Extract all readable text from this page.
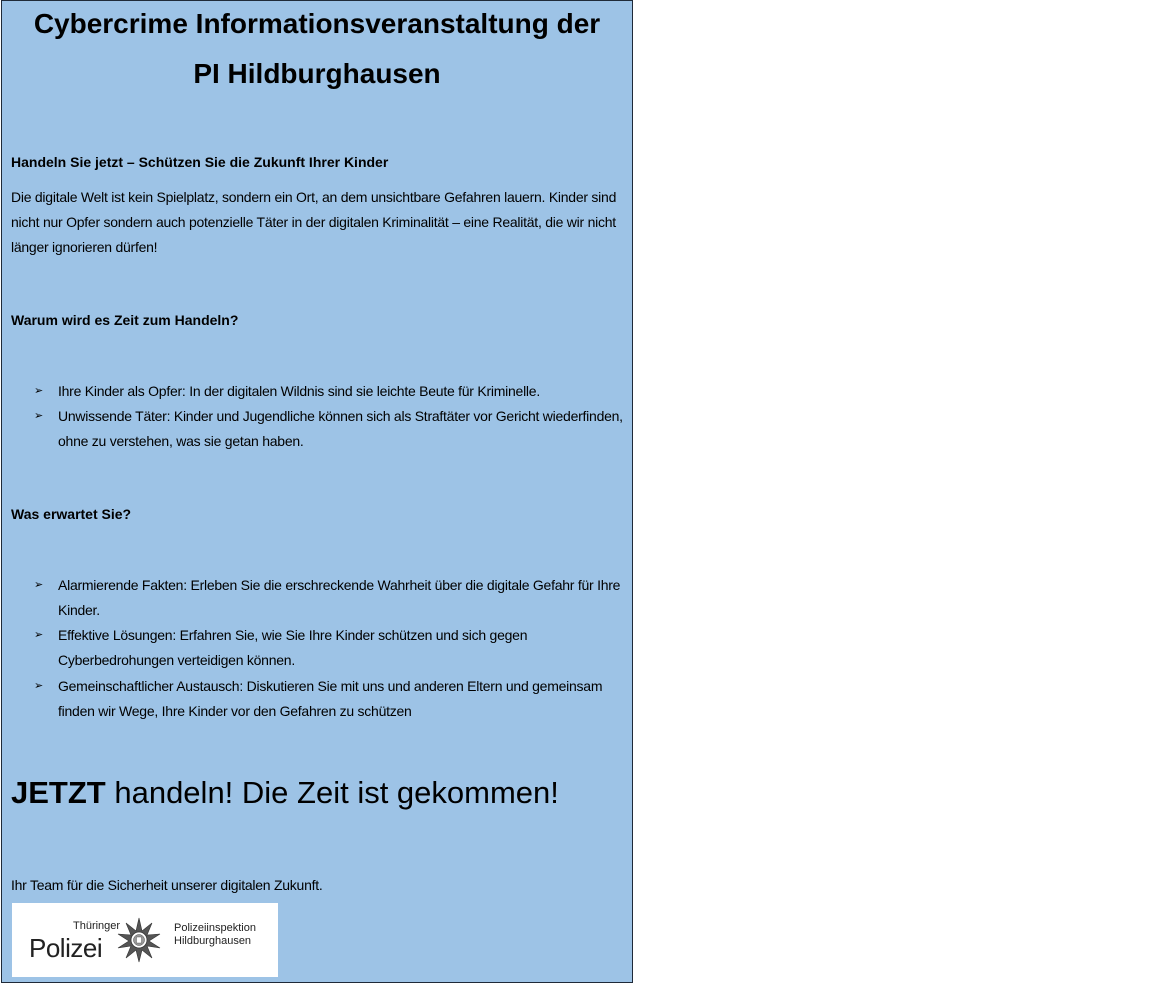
Cybercrime Informationsveranstaltung der
PI Hildburghausen
Handeln Sie jetzt – Schützen Sie die Zukunft Ihrer Kinder
Die digitale Welt ist kein Spielplatz, sondern ein Ort, an dem unsichtbare Gefahren lauern. Kinder sind nicht nur Opfer sondern auch potenzielle Täter in der digitalen Kriminalität – eine Realität, die wir nicht länger ignorieren dürfen!
Warum wird es Zeit zum Handeln?
➢ Ihre Kinder als Opfer: In der digitalen Wildnis sind sie leichte Beute für Kriminelle.
➢ Unwissende Täter: Kinder und Jugendliche können sich als Straftäter vor Gericht wiederfinden, ohne zu verstehen, was sie getan haben.
Was erwartet Sie?
➢ Alarmierende Fakten: Erleben Sie die erschreckende Wahrheit über die digitale Gefahr für Ihre Kinder.
➢ Effektive Lösungen: Erfahren Sie, wie Sie Ihre Kinder schützen und sich gegen Cyberbedrohungen verteidigen können.
➢ Gemeinschaftlicher Austausch: Diskutieren Sie mit uns und anderen Eltern und gemeinsam finden wir Wege, Ihre Kinder vor den Gefahren zu schützen
JETZT handeln! Die Zeit ist gekommen!
Ihr Team für die Sicherheit unserer digitalen Zukunft.
Thüringer
Polizei
Polizeiinspektion
Hildburghausen
